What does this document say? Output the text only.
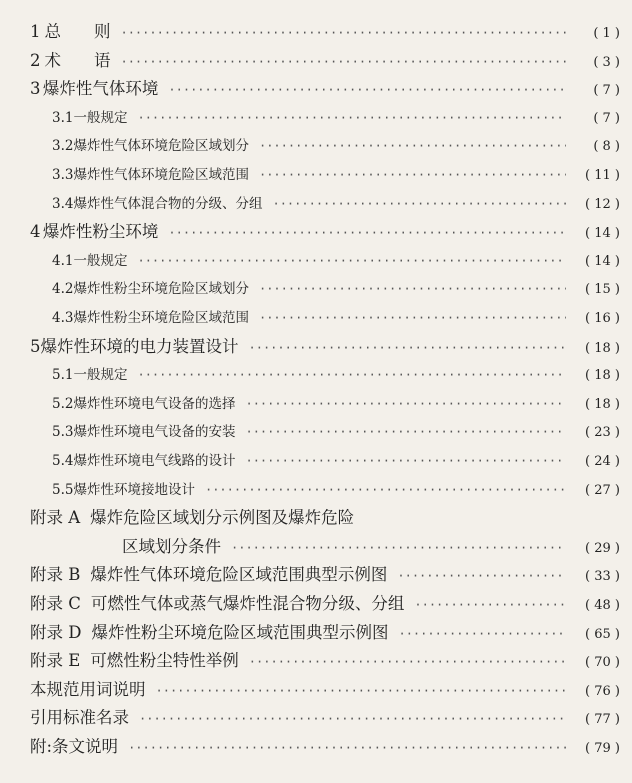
1 总　　则 ·····	( 1 )
2 术　　语 ·····	( 3 )
3 爆炸性气体环境 ·····	( 7 )
3.1 一般规定 ·····	( 7 )
3.2 爆炸性气体环境危险区域划分 ·····	( 8 )
3.3 爆炸性气体环境危险区域范围 ·····	( 11 )
3.4 爆炸性气体混合物的分级、分组 ·····	( 12 )
4 爆炸性粉尘环境 ·····	( 14 )
4.1 一般规定 ·····	( 14 )
4.2 爆炸性粉尘环境危险区域划分 ·····	( 15 )
4.3 爆炸性粉尘环境危险区域范围 ·····	( 16 )
5 爆炸性环境的电力装置设计 ·····	( 18 )
5.1 一般规定 ·····	( 18 )
5.2 爆炸性环境电气设备的选择 ·····	( 18 )
5.3 爆炸性环境电气设备的安装 ·····	( 23 )
5.4 爆炸性环境电气线路的设计 ·····	( 24 )
5.5 爆炸性环境接地设计 ·····	( 27 )
附录 A 爆炸危险区域划分示例图及爆炸危险
区域划分条件 ·····	( 29 )
附录 B 爆炸性气体环境危险区域范围典型示例图 ·····	( 33 )
附录 C 可燃性气体或蒸气爆炸性混合物分级、分组 ·····	( 48 )
附录 D 爆炸性粉尘环境危险区域范围典型示例图 ·····	( 65 )
附录 E 可燃性粉尘特性举例 ·····	( 70 )
本规范用词说明 ·····	( 76 )
引用标准名录 ·····	( 77 )
附:条文说明 ·····	( 79 )
